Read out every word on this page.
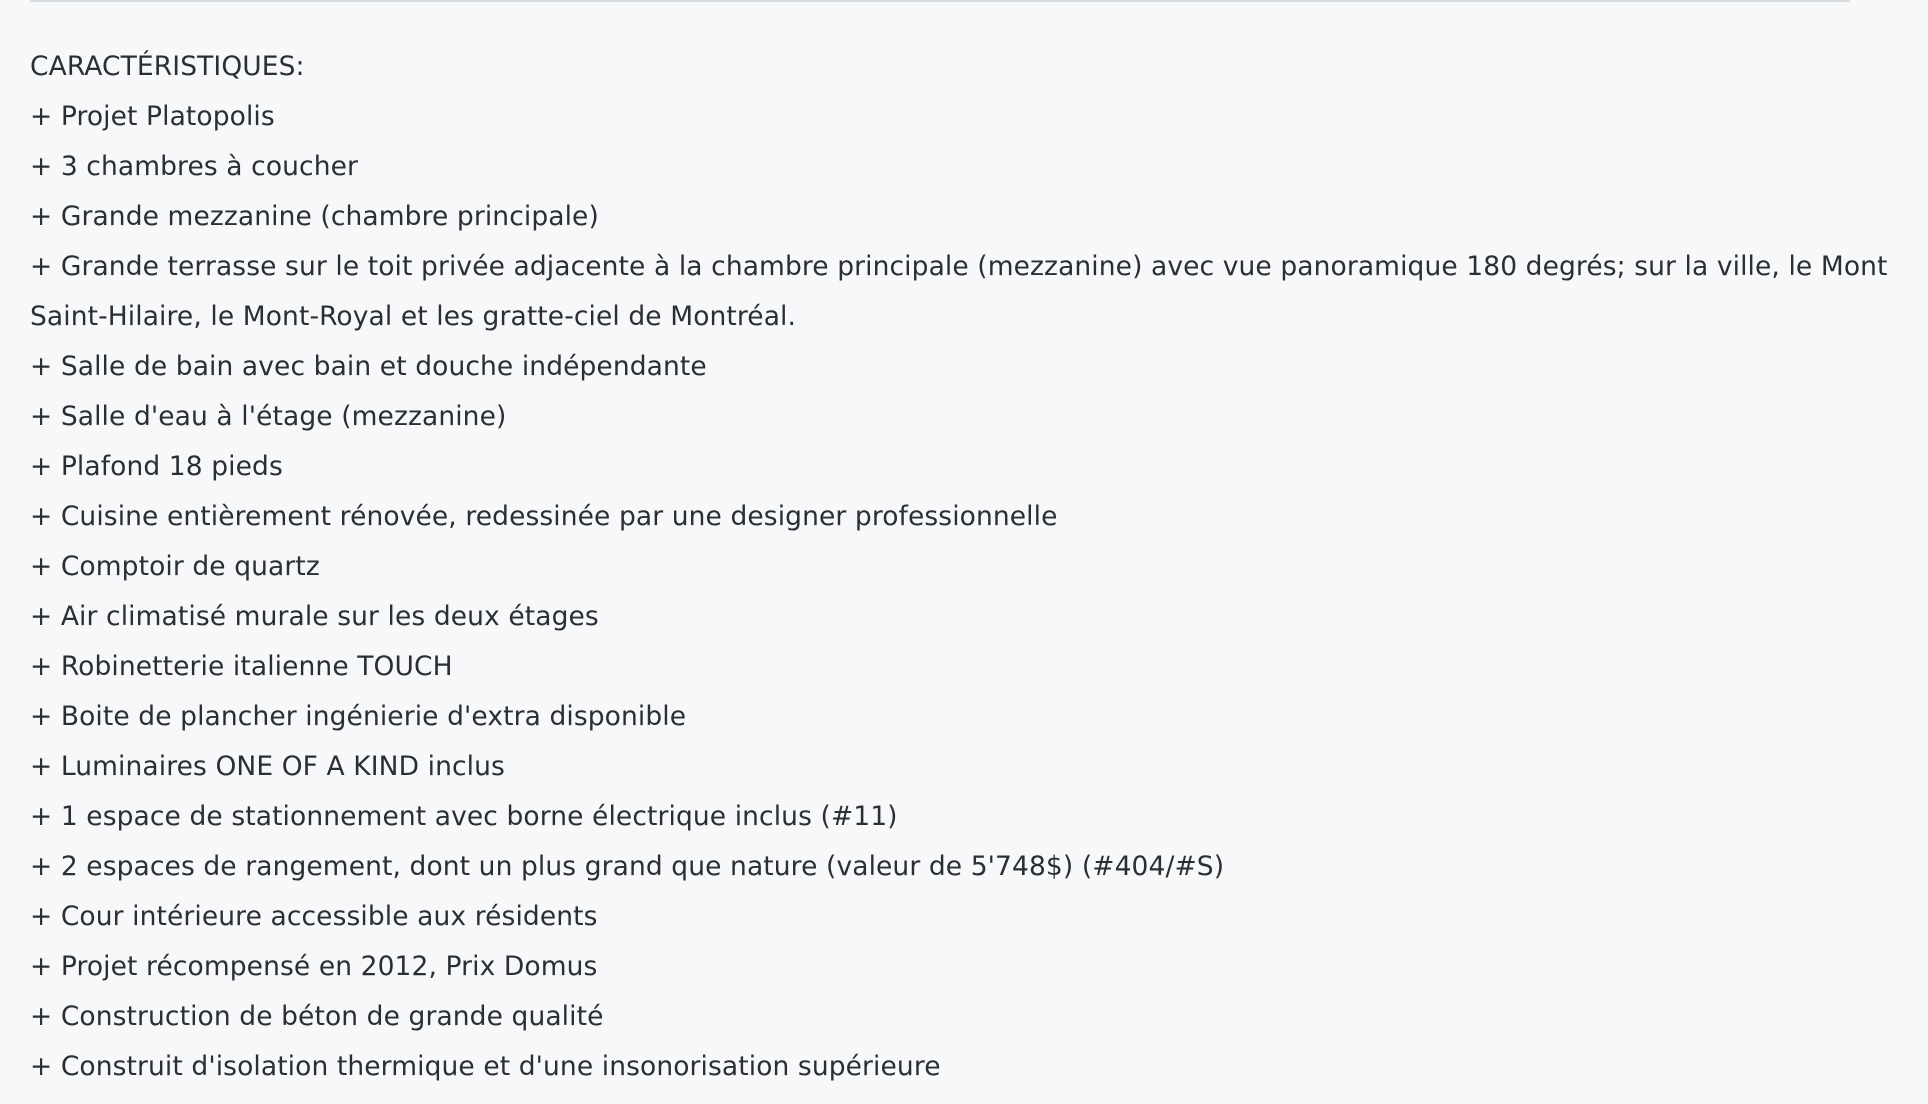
CARACTÉRISTIQUES:

+ Projet Platopolis
+ 3 chambres à coucher
+ Grande mezzanine (chambre principale)
+ Grande terrasse sur le toit privée adjacente à la chambre principale (mezzanine) avec vue panoramique 180 degrés; sur la ville, le Mont Saint-Hilaire, le Mont-Royal et les gratte-ciel de Montréal.
+ Salle de bain avec bain et douche indépendante
+ Salle d'eau à l'étage (mezzanine)
+ Plafond 18 pieds
+ Cuisine entièrement rénovée, redessinée par une designer professionnelle
+ Comptoir de quartz
+ Air climatisé murale sur les deux étages
+ Robinetterie italienne TOUCH
+ Boite de plancher ingénierie d'extra disponible
+ Luminaires ONE OF A KIND inclus
+ 1 espace de stationnement avec borne électrique inclus (#11)
+ 2 espaces de rangement, dont un plus grand que nature (valeur de 5'748$) (#404/#S)
+ Cour intérieure accessible aux résidents
+ Projet récompensé en 2012, Prix Domus
+ Construction de béton de grande qualité
+ Construit d'isolation thermique et d'une insonorisation supérieure
